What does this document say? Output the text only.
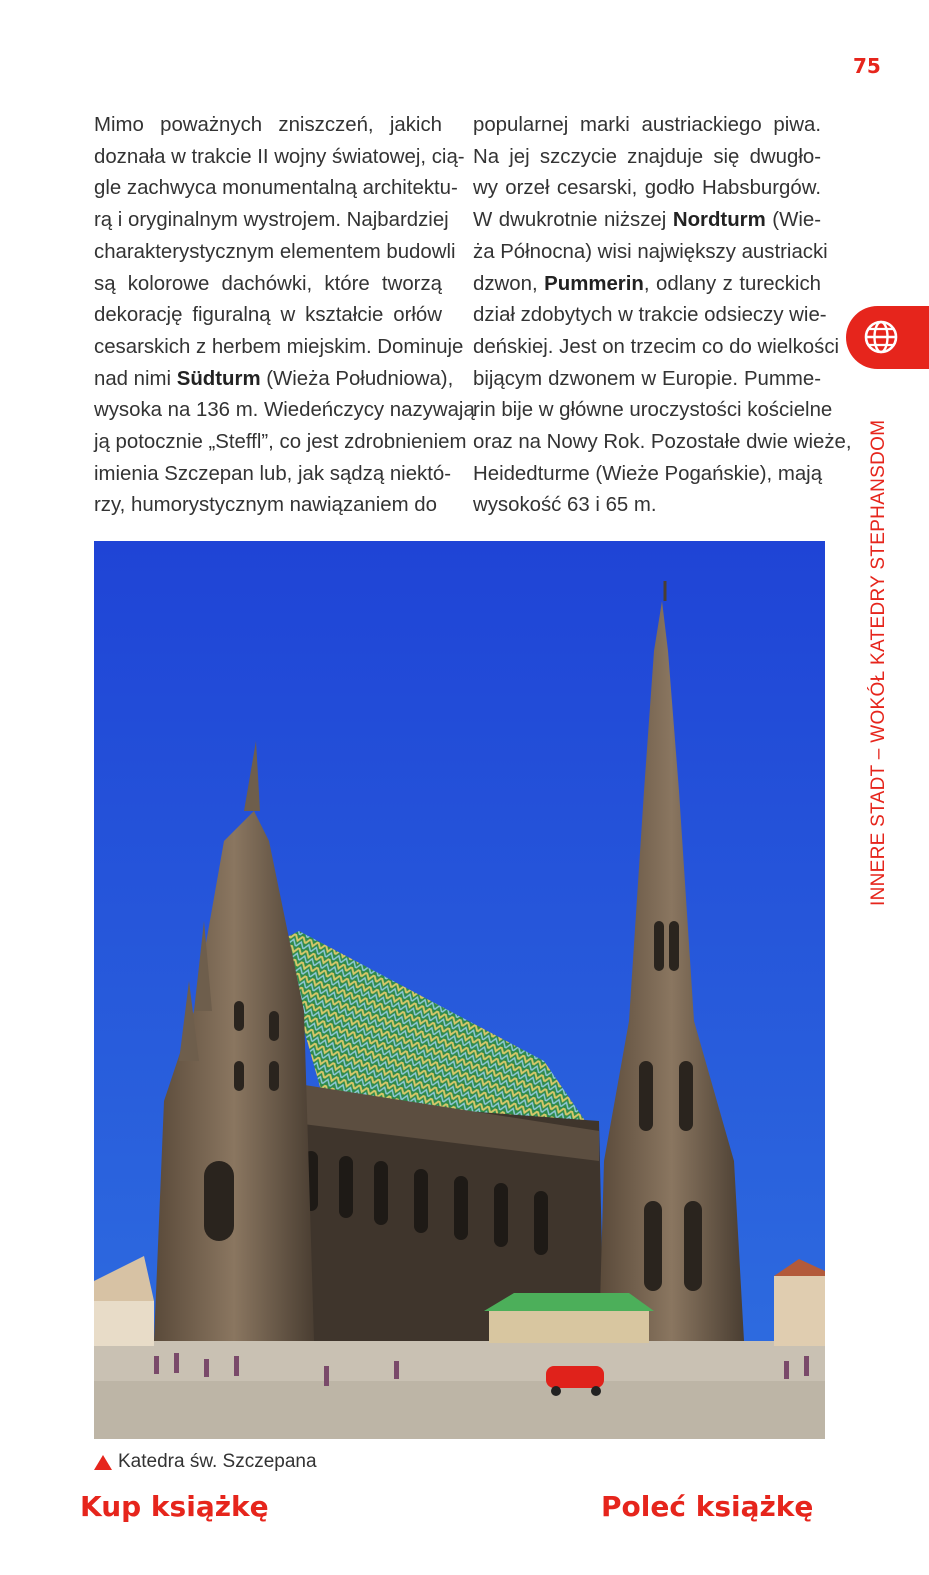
75
Mimo poważnych zniszczeń, jakich
doznała w trakcie II wojny światowej, cią-
gle zachwyca monumentalną architektu-
rą i oryginalnym wystrojem. Najbardziej
charakterystycznym elementem budowli
są kolorowe dachówki, które tworzą
dekorację figuralną w kształcie orłów
cesarskich z herbem miejskim. Dominuje
nad nimi Südturm (Wieża Południowa),
wysoka na 136 m. Wiedeńczycy nazywają
ją potocznie „Steffl”, co jest zdrobnieniem
imienia Szczepan lub, jak sądzą niektó-
rzy, humorystycznym nawiązaniem do
popularnej marki austriackiego piwa.
Na jej szczycie znajduje się dwugło-
wy orzeł cesarski, godło Habsburgów.
W dwukrotnie niższej Nordturm (Wie-
ża Północna) wisi największy austriacki
dzwon, Pummerin, odlany z tureckich
dział zdobytych w trakcie odsieczy wie-
deńskiej. Jest on trzecim co do wielkości
bijącym dzwonem w Europie. Pumme-
rin bije w główne uroczystości kościelne
oraz na Nowy Rok. Pozostałe dwie wieże,
Heidedturme (Wieże Pogańskie), mają
wysokość 63 i 65 m.	INNERE STADT – WOKÓŁ KATEDRY STEPHANSDOM
Katedra św. Szczepana
Kup książkę	Poleć książkę
